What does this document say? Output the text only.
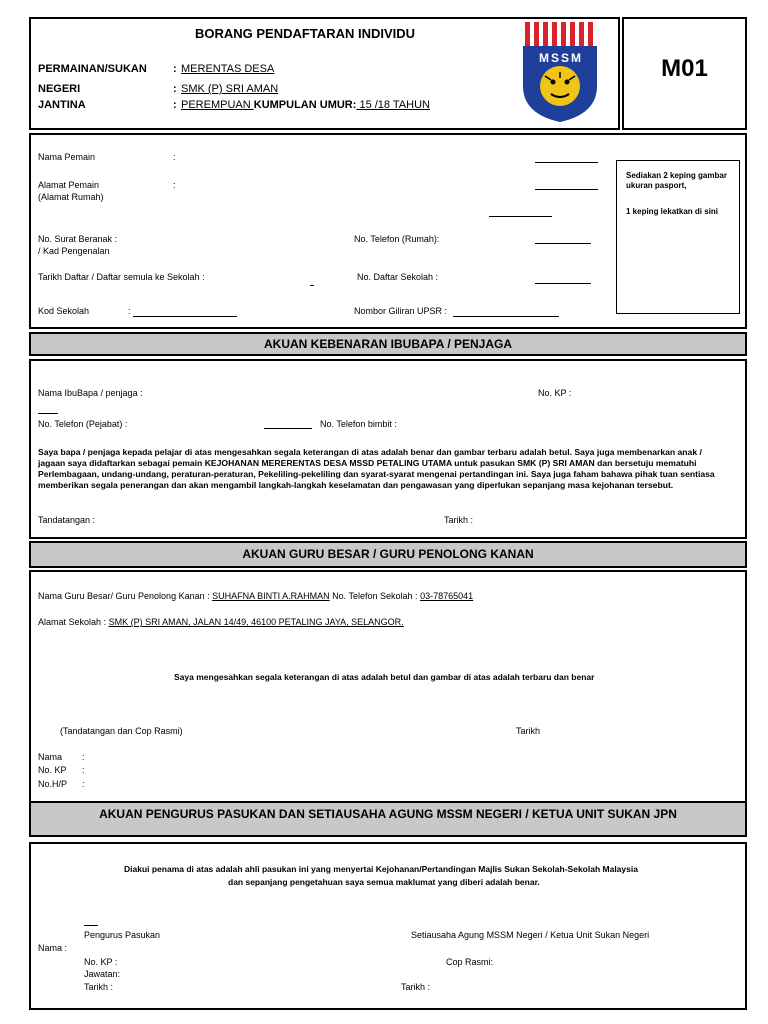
BORANG PENDAFTARAN INDIVIDU
PERMAINAN/SUKAN : MERENTAS DESA
NEGERI	: SMK (P) SRI AMAN
JANTINA	: PEREMPUAN KUMPULAN UMUR: 15 /18 TAHUN
MSSM	M01
Sediakan 2 keping gambar
ukuran pasport,
1 keping lekatkan di sini
Nama Pemain	:
Alamat Pemain
(Alamat Rumah)
:
No. Surat Beranak :
/ Kad Pengenalan
No. Telefon (Rumah):
Tarikh Daftar / Daftar semula ke Sekolah :	No. Daftar Sekolah :
Kod Sekolah	:	Nombor Giliran UPSR :
AKUAN KEBENARAN IBUBAPA / PENJAGA
Nama IbuBapa / penjaga :	No. KP :
No. Telefon (Pejabat) :	No. Telefon bimbit :
Saya bapa / penjaga kepada pelajar di atas mengesahkan segala keterangan di atas adalah benar dan gambar terbaru adalah betul. Saya juga membenarkan anak /
jagaan saya didaftarkan sebagai pemain KEJOHANAN MERERENTAS DESA MSSD PETALING UTAMA untuk pasukan SMK (P) SRI AMAN dan bersetuju mematuhi
Perlembagaan, undang-undang, peraturan-peraturan, Pekeliling-pekeliling dan syarat-syarat mengenai pertandingan ini. Saya juga faham bahawa pihak tuan sentiasa
memberikan segala penerangan dan akan mengambil langkah-langkah keselamatan dan pengawasan yang diperlukan sepanjang masa kejohanan tersebut.
Tandatangan :	Tarikh :
AKUAN GURU BESAR / GURU PENOLONG KANAN
Nama Guru Besar/ Guru Penolong Kanan : SUHAFNA BINTI A.RAHMAN No. Telefon Sekolah : 03-78765041
Alamat Sekolah : SMK (P) SRI AMAN, JALAN 14/49, 46100 PETALING JAYA, SELANGOR.
Saya mengesahkan segala keterangan di atas adalah betul dan gambar di atas adalah terbaru dan benar
(Tandatangan dan Cop Rasmi)	Tarikh
Nama :
No. KP :
No.H/P :
AKUAN PENGURUS PASUKAN DAN SETIAUSAHA AGUNG MSSM NEGERI / KETUA UNIT SUKAN JPN
Diakui penama di atas adalah ahli pasukan ini yang menyertai Kejohanan/Pertandingan Majlis Sukan Sekolah-Sekolah Malaysia
dan sepanjang pengetahuan saya semua maklumat yang diberi adalah benar.
Pengurus Pasukan	Setiausaha Agung MSSM Negeri / Ketua Unit Sukan Negeri
Nama :
No. KP :	Cop Rasmi:
Jawatan:
Tarikh :	Tarikh :
